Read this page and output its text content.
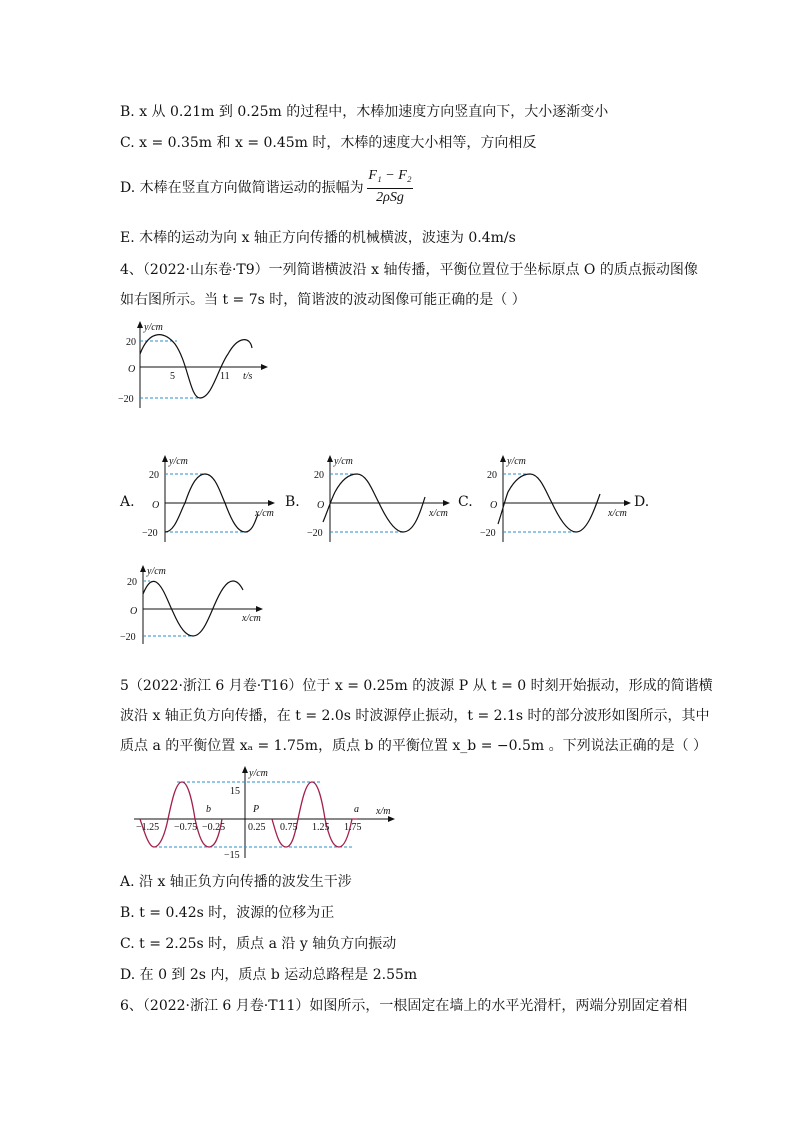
B. x 从 0.21m 到 0.25m 的过程中，木棒加速度方向竖直向下，大小逐渐变小
C. x = 0.35m 和 x = 0.45m 时，木棒的速度大小相等，方向相反
D. 木棒在竖直方向做简谐运动的振幅为
F₁ − F₂
2ρSg
E. 木棒的运动为向 x 轴正方向传播的机械横波，波速为 0.4m/s
4、（2022·山东卷·T9）一列简谐横波沿 x 轴传播，平衡位置位于坐标原点 O 的质点振动图像
如右图所示。当 t = 7s 时，简谐波的波动图像可能正确的是（ ）
y/cm
20
O
−20
5	11 t/s
A.	B.	C.	D.
y/cm
20
O
−20
x/cm
y/cm
20
O
−20
x/cm
y/cm
20
O
−20
x/cm
y/cm
20
O
−20
x/cm
5（2022·浙江 6 月卷·T16）位于 x = 0.25m 的波源 P 从 t = 0 时刻开始振动，形成的简谐横
波沿 x 轴正负方向传播，在 t = 2.0s 时波源停止振动，t = 2.1s 时的部分波形如图所示，其中
质点 a 的平衡位置 xₐ = 1.75m，质点 b 的平衡位置 x_b = −0.5m 。下列说法正确的是（ ）
y/cm
15
−15
b	P	a x/m
−1.25 −0.75 −0.25 0.25 0.75 1.25 1.75
A. 沿 x 轴正负方向传播的波发生干涉
B. t = 0.42s 时，波源的位移为正
C. t = 2.25s 时，质点 a 沿 y 轴负方向振动
D. 在 0 到 2s 内，质点 b 运动总路程是 2.55m
6、（2022·浙江 6 月卷·T11）如图所示，一根固定在墙上的水平光滑杆，两端分别固定着相
